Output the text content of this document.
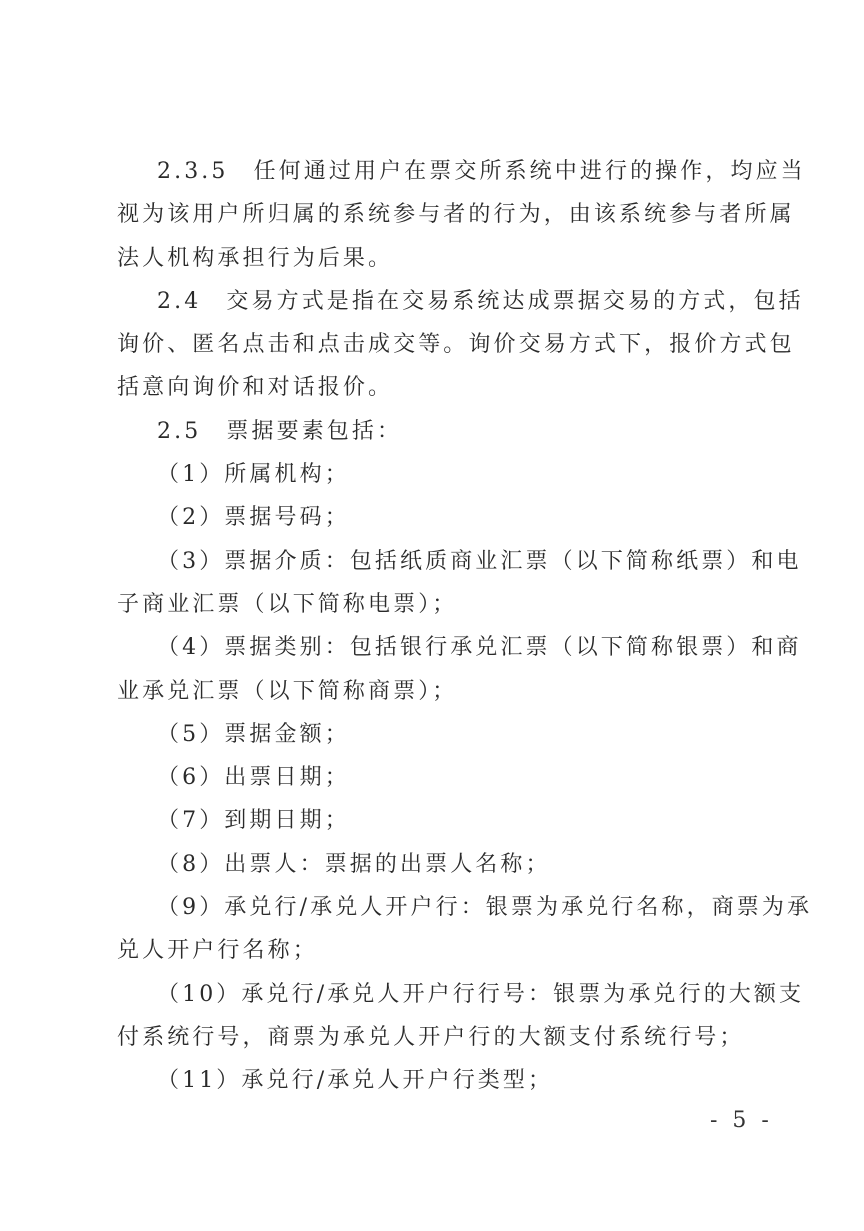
2.3.5　任何通过用户在票交所系统中进行的操作，均应当
视为该用户所归属的系统参与者的行为，由该系统参与者所属
法人机构承担行为后果。
2.4　交易方式是指在交易系统达成票据交易的方式，包括
询价、匿名点击和点击成交等。询价交易方式下，报价方式包
括意向询价和对话报价。
2.5　票据要素包括：
（1）所属机构；
（2）票据号码；
（3）票据介质：包括纸质商业汇票（以下简称纸票）和电
子商业汇票（以下简称电票）；
（4）票据类别：包括银行承兑汇票（以下简称银票）和商
业承兑汇票（以下简称商票）；
（5）票据金额；
（6）出票日期；
（7）到期日期；
（8）出票人：票据的出票人名称；
（9）承兑行/承兑人开户行：银票为承兑行名称，商票为承
兑人开户行名称；
（10）承兑行/承兑人开户行行号：银票为承兑行的大额支
付系统行号，商票为承兑人开户行的大额支付系统行号；
（11）承兑行/承兑人开户行类型；
- 5 -
